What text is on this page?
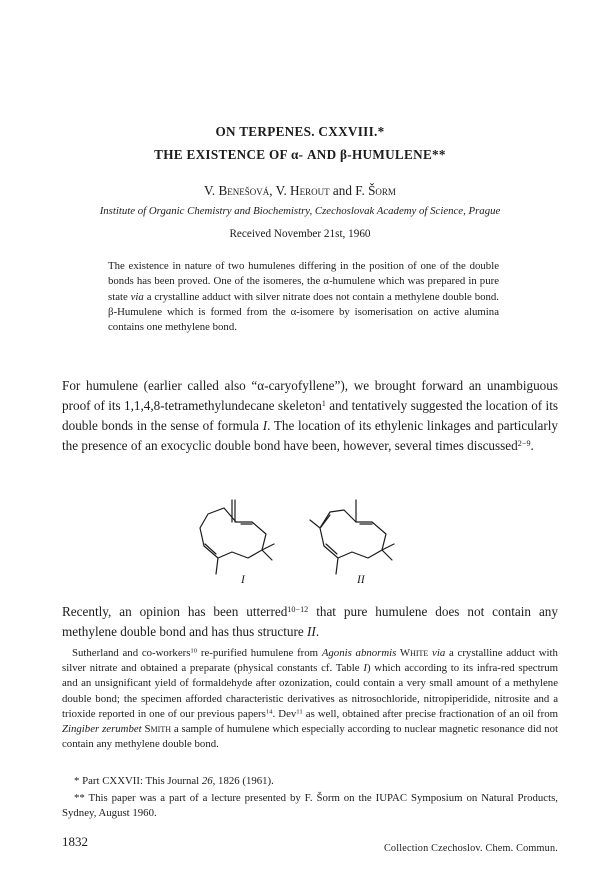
ON TERPENES. CXXVIII.*
THE EXISTENCE OF α- AND β-HUMULENE**
V. Benešová, V. Herout and F. Šorm
Institute of Organic Chemistry and Biochemistry, Czechoslovak Academy of Science, Prague
Received November 21st, 1960
The existence in nature of two humulenes differing in the position of one of the double bonds has been proved. One of the isomeres, the α-humulene which was prepared in pure state via a crystalline adduct with silver nitrate does not contain a methylene double bond. β-Humulene which is formed from the α-isomere by isomerisation on active alumina contains one methylene bond.
For humulene (earlier called also “α-caryofyllene”), we brought forward an unambiguous proof of its 1,1,4,8-tetramethylundecane skeleton$^1$ and tentatively suggested the location of its double bonds in the sense of formula I. The location of its ethylenic linkages and particularly the presence of an exocyclic double bond have been, however, several times discussed$^{2-9}$.
I	II
Recently, an opinion has been utterred$^{10-12}$ that pure humulene does not contain any methylene double bond and has thus structure II.
Sutherland and co-workers$^{10}$ re-purified humulene from Agonis abnormis White via a crystalline adduct with silver nitrate and obtained a preparate (physical constants cf. Table I) which according to its infra-red spectrum and an unsignificant yield of formaldehyde after ozonization, could contain a very small amount of a methylene double bond; the specimen afforded characteristic derivatives as nitrosochloride, nitropiperidide, nitrosite and a trioxide reported in one of our previous papers$^{14}$. Dev$^{11}$ as well, obtained after precise fractionation of an oil from Zingiber zerumbet Smith a sample of humulene which especially according to nuclear magnetic resonance did not contain any methylene double bond.
* Part CXXVII: This Journal 26, 1826 (1961).
** This paper was a part of a lecture presented by F. Šorm on the IUPAC Symposium on Natural Products, Sydney, August 1960.
1832	Collection Czechoslov. Chem. Commun.
